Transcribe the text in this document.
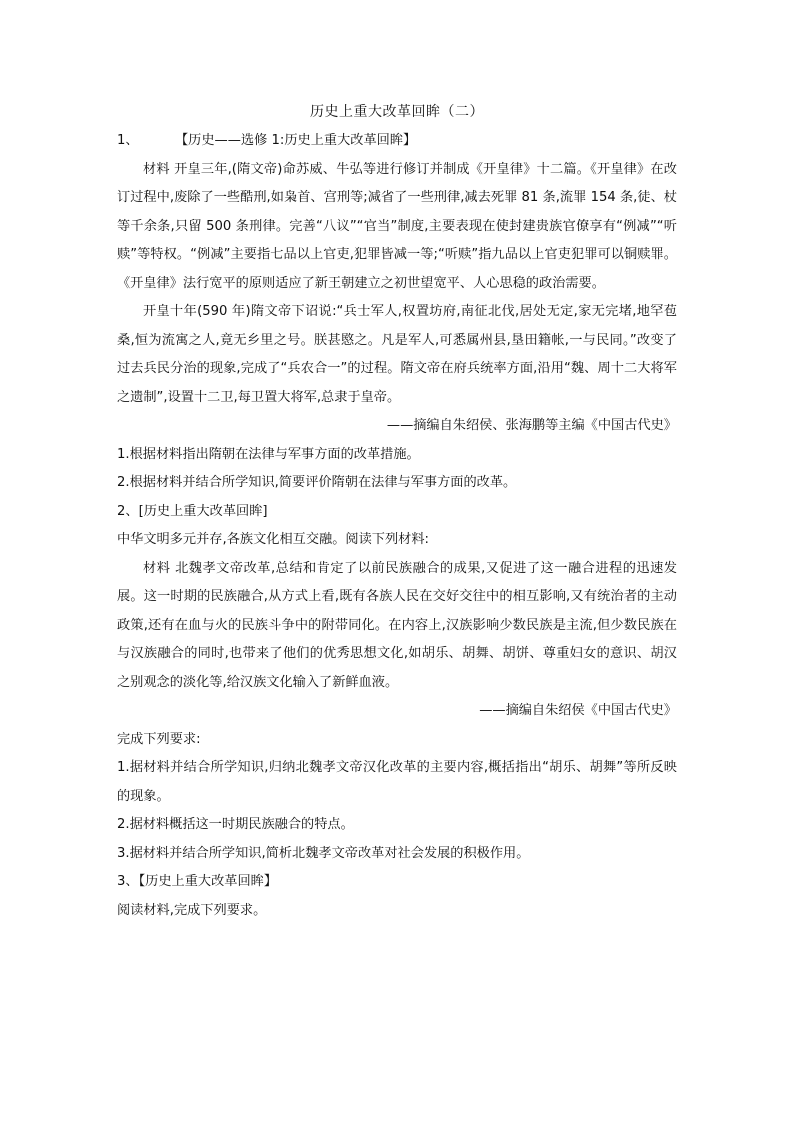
历史上重大改革回眸（二）

1、	【历史——选修 1:历史上重大改革回眸】

材料 开皇三年,(隋文帝)命苏威、牛弘等进行修订并制成《开皇律》十二篇。《开皇律》在改订过程中,废除了一些酷刑,如枭首、宫刑等;减省了一些刑律,减去死罪 81 条,流罪 154 条,徒、杖等千余条,只留 500 条刑律。完善“八议”“官当”制度,主要表现在使封建贵族官僚享有“例减”“听赎”等特权。“例减”主要指七品以上官吏,犯罪皆减一等;“听赎”指九品以上官吏犯罪可以铜赎罪。《开皇律》法行宽平的原则适应了新王朝建立之初世望宽平、人心思稳的政治需要。

开皇十年(590 年)隋文帝下诏说:“兵士军人,权置坊府,南征北伐,居处无定,家无完堵,地罕苞桑,恒为流寓之人,竟无乡里之号。朕甚愍之。凡是军人,可悉属州县,垦田籍帐,一与民同。”改变了过去兵民分治的现象,完成了“兵农合一”的过程。隋文帝在府兵统率方面,沿用“魏、周十二大将军之遗制”,设置十二卫,每卫置大将军,总隶于皇帝。

——摘编自朱绍侯、张海鹏等主编《中国古代史》

1.根据材料指出隋朝在法律与军事方面的改革措施。

2.根据材料并结合所学知识,简要评价隋朝在法律与军事方面的改革。

2、[历史上重大改革回眸]

中华文明多元并存,各族文化相互交融。阅读下列材料:

材料 北魏孝文帝改革,总结和肯定了以前民族融合的成果,又促进了这一融合进程的迅速发展。这一时期的民族融合,从方式上看,既有各族人民在交好交往中的相互影响,又有统治者的主动政策,还有在血与火的民族斗争中的附带同化。在内容上,汉族影响少数民族是主流,但少数民族在与汉族融合的同时,也带来了他们的优秀思想文化,如胡乐、胡舞、胡饼、尊重妇女的意识、胡汉之别观念的淡化等,给汉族文化输入了新鲜血液。

——摘编自朱绍侯《中国古代史》

完成下列要求:

1.据材料并结合所学知识,归纳北魏孝文帝汉化改革的主要内容,概括指出“胡乐、胡舞”等所反映的现象。

2.据材料概括这一时期民族融合的特点。

3.据材料并结合所学知识,简析北魏孝文帝改革对社会发展的积极作用。

3、【历史上重大改革回眸】

阅读材料,完成下列要求。
